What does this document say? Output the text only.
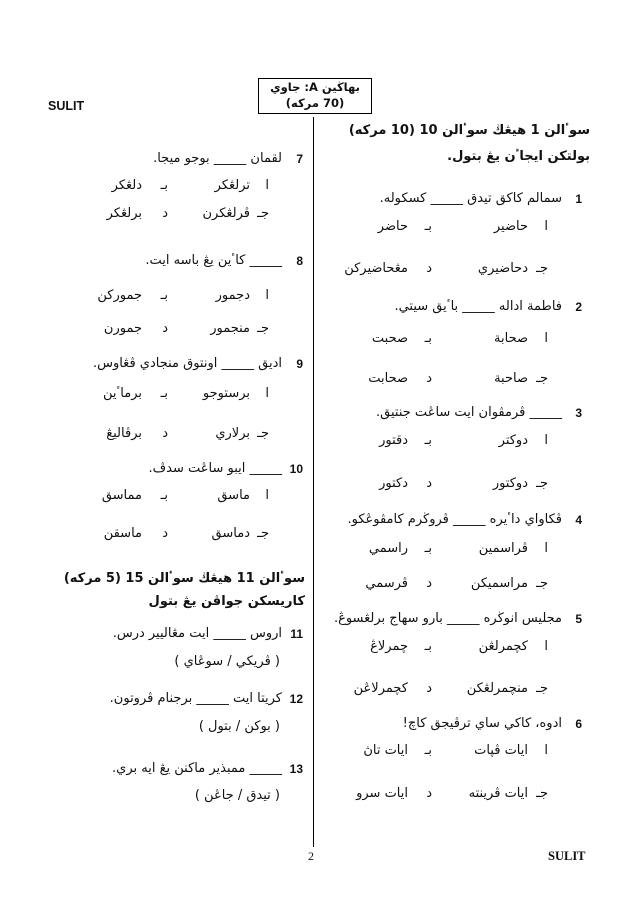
SULIT
بهاڬين A: جاوي
(70 مركه)
سوٴالن 1 هيڠڬ سوٴالن 10 (10 مركه)
بولتكن ايجاٴن يڠ بتول.
1
سمالم كاكق تيدق _____ كسكوله.
ا
حاضير
بـ
حاضر
جـ
دحاضيري
د
مڠحاضيركن
2
فاطمة اداله _____ باٴيق سيتي.
ا
صحابة
بـ
صحبت
جـ
صاحبة
د
صحابت
3
_____ ڤرمڤوان ايت ساڠت جنتيق.
ا
دوكتر
بـ
دقتور
جـ
دوكتور
د
دكتور
4
ڤكاواي داٴيره _____ ڤروڬرم كامڤوڠكو.
ا
ڤراسمين
بـ
راسمي
جـ
مراسميكن
د
ڤرسمي
5
مجليس انوڬره _____ بارو سهاج برلڠسوڠ.
ا
كچمرلڠن
بـ
چمرلاڠ
جـ
منچمرلڠكن
د
كچمرلاڠن
6
ادوه، كاكي ساي ترڤيجق كاچ!
ا
ايات ڤڽات
بـ
ايات تاڽ
جـ
ايات ڤرينته
د
ايات سرو
7
لقمان _____ بوجو ميجا.
ا
ترلڠكر
بـ
دلڠكر
جـ
ڤرلڠكرن
د
برلڠكر
8
_____ كاٴين يڠ باسه ايت.
ا
دجمور
بـ
جموركن
جـ
منجمور
د
جمورن
9
اديق _____ اونتوق منجادي ڤڠاوس.
ا
برستوجو
بـ
برماٴين
جـ
برلاري
د
برڤاليڠ
10
_____ ايبو ساڠت سدڤ.
ا
ماسق
بـ
مماسق
جـ
دماسق
د
ماسقن
سوٴالن 11 هيڠڬ سوٴالن 15 (5 مركه)
كاريسكن جواڤن يڠ بتول
11
اروس _____ ايت مڠاليير درس.
( ڤريكي / سوڠاي )
12
كريتا ايت _____ برجنام ڤروتون.
( بوكن / بتول )
13
_____ ممبذير ماكنن يڠ ايه بري.
( تيدق / جاڠن )
2	SULIT
